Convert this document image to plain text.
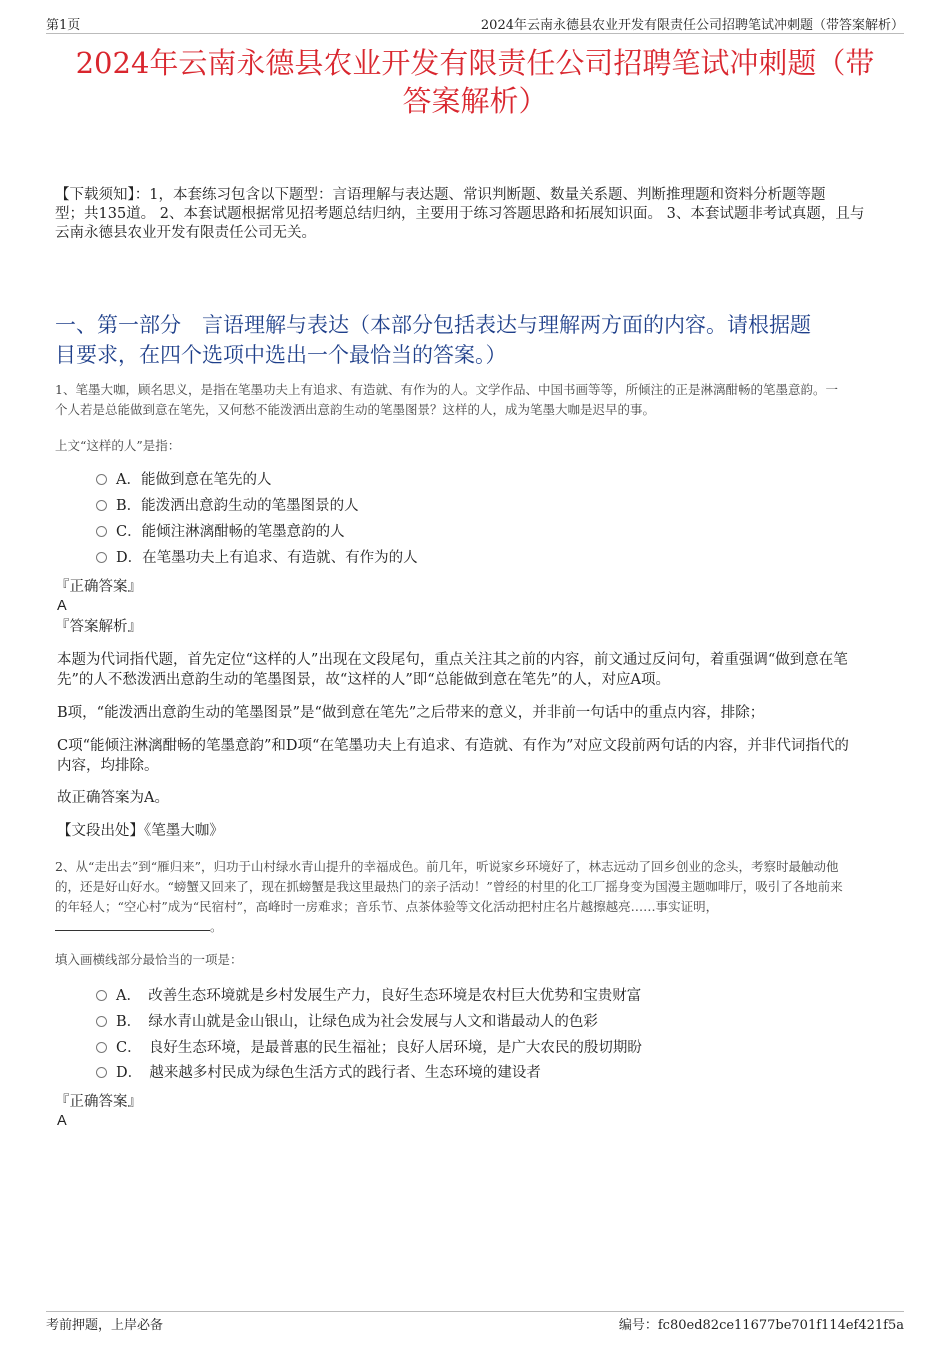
第1页	2024年云南永德县农业开发有限责任公司招聘笔试冲刺题（带答案解析）
2024年云南永德县农业开发有限责任公司招聘笔试冲刺题（带
答案解析）
【下载须知】：1，本套练习包含以下题型：言语理解与表达题、常识判断题、数量关系题、判断推理题和资料分析题等题
型；共135道。 2、本套试题根据常见招考题总结归纳，主要用于练习答题思路和拓展知识面。 3、本套试题非考试真题，且与
云南永德县农业开发有限责任公司无关。
一、第一部分　言语理解与表达（本部分包括表达与理解两方面的内容。请根据题
目要求，在四个选项中选出一个最恰当的答案。）
1、笔墨大咖，顾名思义，是指在笔墨功夫上有追求、有造就、有作为的人。文学作品、中国书画等等，所倾注的正是淋漓酣畅的笔墨意韵。一
个人若是总能做到意在笔先，又何愁不能泼洒出意韵生动的笔墨图景？这样的人，成为笔墨大咖是迟早的事。
上文“这样的人”是指：
A．能做到意在笔先的人
B．能泼洒出意韵生动的笔墨图景的人
C．能倾注淋漓酣畅的笔墨意韵的人
D．在笔墨功夫上有追求、有造就、有作为的人
『正确答案』
A
『答案解析』
本题为代词指代题，首先定位“这样的人”出现在文段尾句，重点关注其之前的内容，前文通过反问句，着重强调“做到意在笔
先”的人不愁泼洒出意韵生动的笔墨图景，故“这样的人”即“总能做到意在笔先”的人，对应A项。
B项，“能泼洒出意韵生动的笔墨图景”是“做到意在笔先”之后带来的意义，并非前一句话中的重点内容，排除；
C项“能倾注淋漓酣畅的笔墨意韵”和D项“在笔墨功夫上有追求、有造就、有作为”对应文段前两句话的内容，并非代词指代的
内容，均排除。
故正确答案为A。
【文段出处】《笔墨大咖》
2、从“走出去”到“雁归来”，归功于山村绿水青山提升的幸福成色。前几年，听说家乡环境好了，林志远动了回乡创业的念头，考察时最触动他
的，还是好山好水。“螃蟹又回来了，现在抓螃蟹是我这里最热门的亲子活动！”曾经的村里的化工厂摇身变为国漫主题咖啡厅，吸引了各地前来
的年轻人；“空心村”成为“民宿村”，高峰时一房难求；音乐节、点茶体验等文化活动把村庄名片越擦越亮……事实证明，
。
填入画横线部分最恰当的一项是：
A．　改善生态环境就是乡村发展生产力，良好生态环境是农村巨大优势和宝贵财富
B．　绿水青山就是金山银山，让绿色成为社会发展与人文和谐最动人的色彩
C．　良好生态环境，是最普惠的民生福祉；良好人居环境，是广大农民的殷切期盼
D．　越来越多村民成为绿色生活方式的践行者、生态环境的建设者
『正确答案』
A
考前押题，上岸必备	编号：fc80ed82ce11677be701f114ef421f5a
